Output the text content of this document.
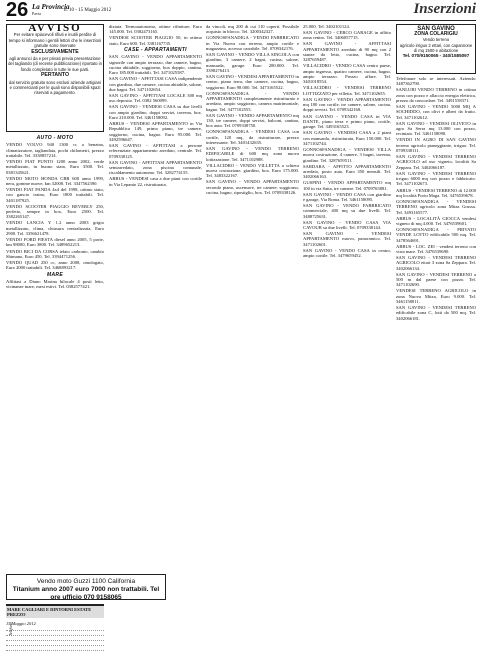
26 La Provincia
Pavia
n. 10 - 15 Maggio 2012	Inserzioni
AVVISO

Per evitare spiacevoli rifiuti e inutili perdite di tempo si informano i gentili lettori che le inserzioni gratuite sono riservate

ESCLUSIVAMENTE

agli annunci da e per privati previa presentazione del tagliando (di recente pubblicazione) riportato in fondo completato in tutte le sue parti.

PERTANTO

dal servizio gratuito sono esclusi aziende artigiani e commercianti per le quali sono disponibili spazi riservati a pagamento.

AUTO - MOTO

VENDO VOLVO 940 1300 cc a benzina, climatizzatore, tagliandata, pochi chilometri, prezzo trattabile. Tel. 3338857214.

VENDO FIAT PUNTO 1200 anno 2002, verde metallizzato, in buono stato, Euro 3500. Tel. 0381345621.

VENDO MOTO HONDA CBR 600 anno 1999, nera, gomme nuove, km 32000. Tel. 3347562390.

VENDO FIAT PANDA 4x4 del 1998, ottimo stato, con gancio traino, Euro 1800 trattabili. Tel. 3401187925.

VENDO SCOOTER PIAGGIO BEVERLY 250, perfetto, sempre in box, Euro 2500. Tel. 3382265147.

VENDO LANCIA Y 1.2 anno 2003 grigio metallizzato, clima, chiusura centralizzata, Euro 2900. Tel. 3356621478.

VENDO FORD FIESTA diesel anno 2005, 5 porte, km 98000, Euro 3800. Tel. 3489652213.

VENDO BICI DA CORSA telaio carbonio, cambio Shimano, Euro 450. Tel. 3394471256.

VENDO QUAD 250 cc, anno 2008, omologato, Euro 2000 trattabili. Tel. 3468893217.

MARE

Affittasi a Diano Marina bilocale 4 posti letto, vicinanze mare, mesi estivi. Tel. 0382577421.

diziata. Termoautonomo, ottime rifiniture, Euro 145.000. Tel. 0382473165.

VENDESI SCOOTER PIAGGIO 50, in ottimo stato, Euro 600. Tel. 3381167735.

CASE - APPARTAMENTI

SAN GAVINO - VENDO APPARTAMENTO signorile con ampio terrazzo, due camere, bagno, cucina abitabile, soggiorno, box doppio, cantina. Euro 185.000 trattabili. Tel. 3471025587.

SAN GAVINO - AFFITTASI CASA indipendente con giardino, due camere, cucina abitabile, salone, due bagni. Tel. 3471102654.

SAN GAVINO - AFFITTASI LOCALE 300 mq uso deposito. Tel. 0382 560099.

SAN GAVINO - VENDESI CASA su due livelli con ampio giardino, doppi servizi, taverna, box. Euro 210.000. Tel. 3461158092.

ARBUS - VENDESI APPARTAMENTO in Via Repubblica 149, primo piano, tre camere, soggiorno, cucina, bagno. Euro 95.000. Tel. 3492596647.

SAN GAVINO - AFFITTASI a persone referenziate appartamento arredato, centrale. Tel. 0709338125.

SAN GAVINO - AFFITTASI APPARTAMENTO semiarredato, zona piscina comunale, riscaldamento autonomo. Tel. 3282774155.

ARBUS - VENDESI casa a due piani con cortile in Via Lepanto 22, ristrutturata.

da vincoli, mq 200 di cui 110 coperti. Possibile acquisto in blocco. Tel. 3200342327.

GONNOSFANADIGA - VENDO FABBRICATO in Via Nuova con terreno, ampio cortile e magazzino, accesso carrabile. Tel. 0709342176.

SAN GAVINO - VENDO VILLA SINGOLA con giardino, 3 camere, 2 bagni, cucina, salone, mansarda, garage. Euro 280.000. Tel. 3398276413.

SAN GAVINO - VENDESI APPARTAMENTO in centro, piano terra, due camere, cucina, bagno, soggiorno. Euro 98.000. Tel. 3473165522.

GONNOSFANADIGA - VENDO APPARTAMENTO completamente ristrutturato e arredato, ampio soggiorno, camera matrimoniale, bagno. Tel. 3477102555.

SAN GAVINO - VENDO APPARTAMENTO mq 130, tre camere, doppi servizi, balconi, cantina, box auto. Tel. 0709338750.

GONNOSFANADIGA - VENDESI CASA con cortile, 120 mq, da ristrutturare, prezzo interessante. Tel. 3401432635.

SAN GAVINO - VENDO TERRENO EDIFICABILE di 600 mq zona nuova lottizzazione. Tel. 3471102988.

VILLACIDRO - VENDO VILLETTA a schiera nuova costruzione, giardino, box. Euro 175.000. Tel. 3483322167.

SAN GAVINO - VENDO APPARTAMENTO secondo piano, ascensore, tre camere, soggiorno, cucina, bagno, ripostiglio, box. Tel. 0709338126.

25.000. Tel. 3402101124.

SAN GAVINO - CERCO GARAGE in affitto zona centro. Tel. 3406057715.

SAN GAVINO - AFFITTASI APPARTAMENTO arredato di 90 mq con 2 stanze da letto, cucina, bagno. Tel. 3287659487.

VILLACIDRO - VENDO CASA centro paese, ampio ingresso, quattro camere, cucina, bagno, ampio terrazzo. Prezzo affare. Tel. 3401018554.

VILLACIDRO - VENDESI TERRENO LOTTIZZATO per villetta. Tel. 3471102655.

SAN GAVINO - VENDO APPARTAMENTO mq 180 con cortile, tre camere, salone, cucina, doppi servizi. Tel. 0709342168.

SAN GAVINO - VENDO CASA in VIA DANTE, piano terra e primo piano, cortile, garage. Tel. 3493165523.

SAN GAVINO - VENDESI CASA a 2 piani con mansarda, ristrutturata, Euro 150.000. Tel. 3471102744.

GONNOSFANADIGA - VENDESI VILLA nuova costruzione, 4 camere, 3 bagni, taverna, giardino. Tel. 3287659511.

SARDARA - AFFITTO APPARTAMENTO arredato, posto auto, Euro 350 mensili. Tel. 3402066163.

GUSPINI - VENDO APPARTAMENTO mq 100 in via Satta, tre camere. Tel. 0709765881.

SAN GAVINO - VENDO CASA con giardino e garage, Via Roma. Tel. 3461158095.

SAN GAVINO - VENDO FABBRICATO commerciale, 400 mq su due livelli. Tel. 3488725631.

SAN GAVINO - VENDO CASA VIA CAVOUR su due livelli. Tel. 0709338144.

SAN GAVINO - VENDESI APPARTAMENTO nuovo, panoramico. Tel. 3471102601.

SAN GAVINO - VENDO CASA in centro, ampio cortile. Tel. 3479659452.

SAN GAVINO
ZONA COLARIGIU
Vendo terreno
agricolo irriguo 2 ettari, con capannone di mq 1500 e abitazione
Tel. 070/9150065 - 340/1585097

Telefonare solo se interessati. Azienda: 3487362790.

SANLURI VENDO TERRENO in ottima zona con pozzo e allaccio energia elettrica, prezzo da concordare. Tel. 3491558371.

SAN GAVINO - VENDO 5000 MQ A SOCHIDDO, con olivi e alberi da frutto. Tel. 3471102612.

SAN GAVINO - VENDESI OLIVETO in agro Sa Serra mq 13.000 con pozzo, recintato. Tel. 3461158090.

VENDO IN AGRO DI SAN GAVINO terreno agricolo pianeggiante, irriguo. Tel. 0709338111.

SAN GAVINO - VENDESI TERRENO AGRICOLO ad uso vigneto, località Sa Zeppara. Tel. 3402066187.

SAN GAVINO - VENDESI TERRENO irriguo 6000 mq con pozzo e fabbricato. Tel. 3471102673.

ARBUS - VENDESI TERRENO di 12.000 mq località Portu Maga. Tel. 3476539678.

GONNOSFANADIGA - VENDESI TERRENO agricolo zona Mitza Grussa. Tel. 3493165577.

ARBUS - LOCALITÀ GIOCCA vendesi vigneto di mq 4.000. Tel. 3476539601.

GONNOSFANADIGA - PRIVATO VENDE LOTTO edificabile 500 mq. Tel. 3478564691.

ARBUS - LOC. ZEI - vendesi terreno con vista mare. Tel. 3476539690.

SAN GAVINO - VENDESI TERRENO AGRICOLO ettari 3 zona Sa Zeppara. Tel. 3402066134.

SAN GAVINO - VENDESI TERRENO a 500 m dal paese con pozzo. Tel. 3471102690.

VENDESI TERRENO AGRICOLO in zona Nuova Mitza, Euro 9.000. Tel. 3461158011.

SAN GAVINO - VENDESI TERRENO edificabile zona C, lotti da 500 mq. Tel. 3402066181.

Vendo moto Guzzi 1100 California
Titanium anno 2007 euro 7000 non trattabili. Tel ore ufficio 070 9158065
MARE CAGLIARI E DINTORNI ESTATE PREZZO
15 Maggio 2012
Telefono
